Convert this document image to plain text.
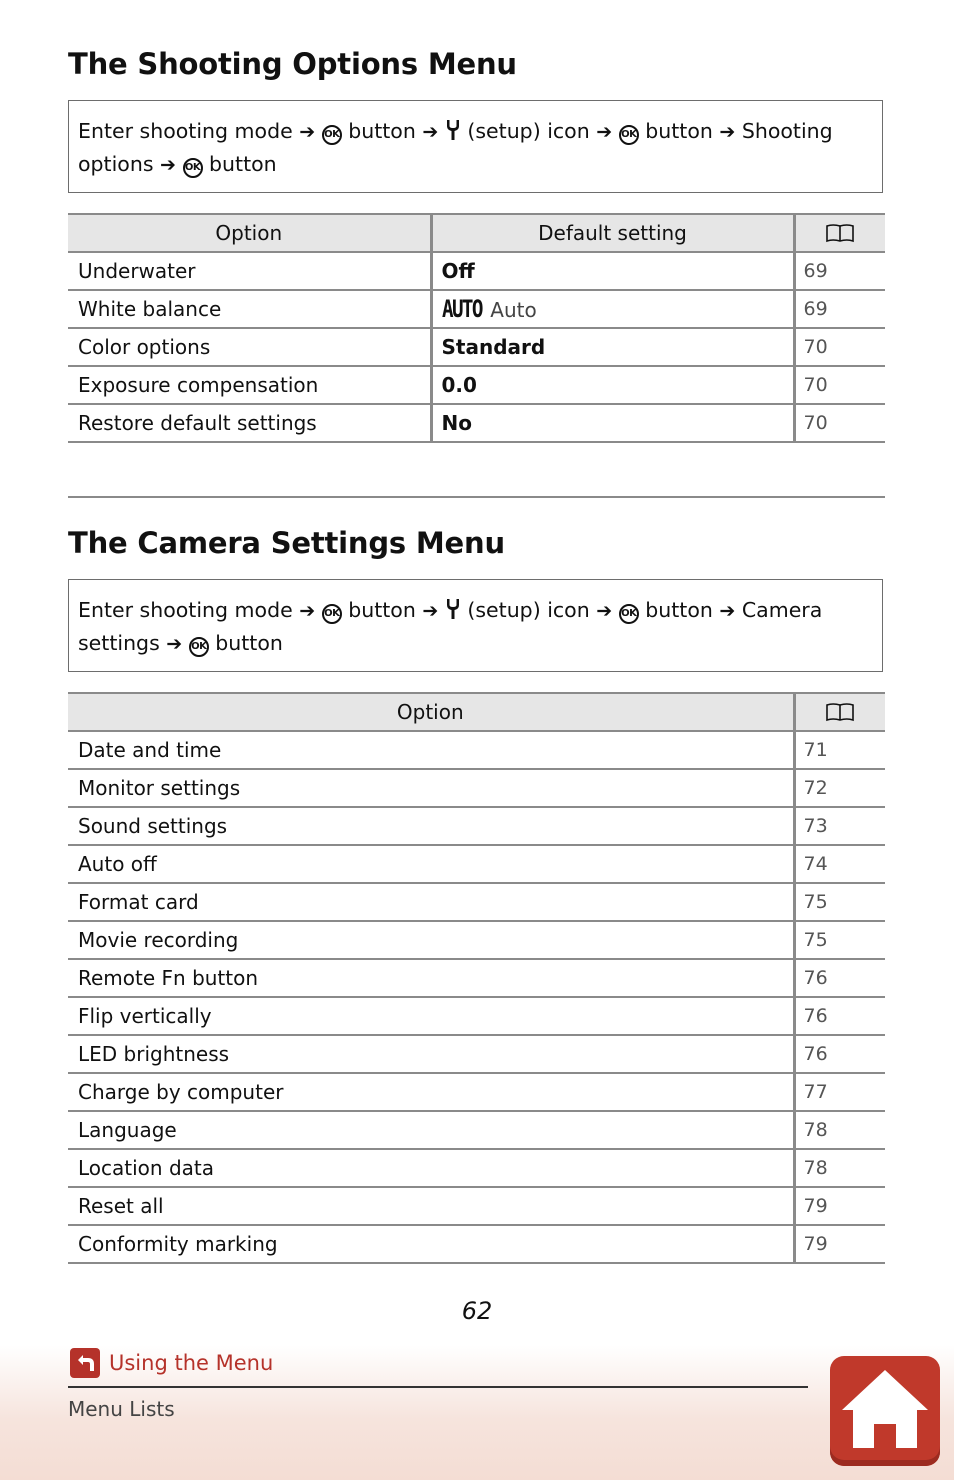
The Shooting Options Menu
Enter shooting mode ➔ OK button ➔ (setup) icon ➔ OK button ➔ Shooting
options ➔ OK button
Option	Default setting	
Underwater	Off	69
White balance	AUTO Auto	69
Color options	Standard	70
Exposure compensation	0.0	70
Restore default settings	No	70
The Camera Settings Menu
Enter shooting mode ➔ OK button ➔ (setup) icon ➔ OK button ➔ Camera
settings ➔ OK button
Option	
Date and time	71
Monitor settings	72
Sound settings	73
Auto off	74
Format card	75
Movie recording	75
Remote Fn button	76
Flip vertically	76
LED brightness	76
Charge by computer	77
Language	78
Location data	78
Reset all	79
Conformity marking	79
62
Using the Menu
Menu Lists
